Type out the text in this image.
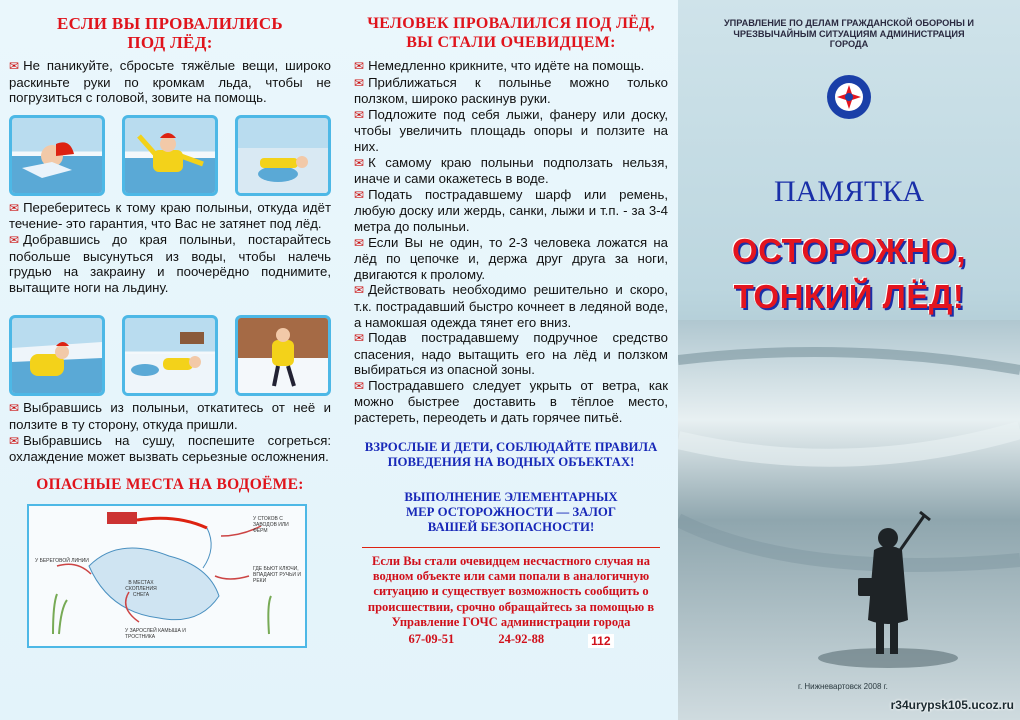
ЕСЛИ ВЫ ПРОВАЛИЛИСЬ ПОД ЛЁД:

✉ Не паникуйте, сбросьте тяжёлые вещи, широко раскиньте руки по кромкам льда, чтобы не погрузиться с головой, зовите на помощь.

✉ Переберитесь к тому краю полыньи, откуда идёт течение- это гарантия, что Вас не затянет под лёд.

✉ Добравшись до края полыньи, постарайтесь побольше высунуться из воды, чтобы налечь грудью на закраину и поочерёдно поднимите, вытащите ноги на льдину.

✉ Выбравшись из полыньи, откатитесь от неё и ползите в ту сторону, откуда пришли.

✉ Выбравшись на сушу, поспешите согреться: охлаждение может вызвать серьезные осложнения.

ОПАСНЫЕ МЕСТА НА ВОДОЁМЕ:
У СТОКОВ С ЗАВОДОВ ИЛИ ФЕРМ
У БЕРЕГОВОЙ ЛИНИИ
ГДЕ БЬЮТ КЛЮЧИ, ВПАДАЮТ РУЧЬИ И РЕКИ
В МЕСТАХ СКОПЛЕНИЯ СНЕГА
У ЗАРОСЛЕЙ КАМЫША И ТРОСТНИКА
ЧЕЛОВЕК ПРОВАЛИЛСЯ ПОД ЛЁД, ВЫ СТАЛИ ОЧЕВИДЦЕМ:

✉ Немедленно крикните, что идёте на помощь.

✉ Приближаться к полынье можно только ползком, широко раскинув руки.

✉ Подложите под себя лыжи, фанеру или доску, чтобы увеличить площадь опоры и ползите на них.

✉ К самому краю полыньи подползать нельзя, иначе и сами окажетесь в воде.

✉ Подать пострадавшему шарф или ремень, любую доску или жердь, санки, лыжи и т.п. - за 3-4 метра до полыньи.

✉ Если Вы не один, то 2-3 человека ложатся на лёд по цепочке и, держа друг друга за ноги, двигаются к пролому.

✉ Действовать необходимо решительно и скоро, т.к. пострадавший быстро кочнеет в ледяной воде, а намокшая одежда тянет его вниз.

✉ Подав пострадавшему подручное средство спасения, надо вытащить его на лёд и ползком выбираться из опасной зоны.

✉ Пострадавшего следует укрыть от ветра, как можно быстрее доставить в тёплое место, растереть, переодеть и дать горячее питьё.

ВЗРОСЛЫЕ И ДЕТИ, СОБЛЮДАЙТЕ ПРАВИЛА ПОВЕДЕНИЯ НА ВОДНЫХ ОБЪЕКТАХ!
ВЫПОЛНЕНИЕ ЭЛЕМЕНТАРНЫХ МЕР ОСТОРОЖНОСТИ — ЗАЛОГ ВАШЕЙ БЕЗОПАСНОСТИ!
Если Вы стали очевидцем несчастного случая на водном объекте или сами попали в аналогичную ситуацию и существует возможность сообщить о происшествии, срочно обращайтесь за помощью в Управление ГОЧС администрации города
67-09-51	24-92-88	112
УПРАВЛЕНИЕ ПО ДЕЛАМ ГРАЖДАНСКОЙ ОБОРОНЫ И ЧРЕЗВЫЧАЙНЫМ СИТУАЦИЯМ АДМИНИСТРАЦИЯ ГОРОДА
ПАМЯТКА
ОСТОРОЖНО,
ТОНКИЙ ЛЁД!
г. Нижневартовск 2008 г.
r34urypsk105.ucoz.ru
